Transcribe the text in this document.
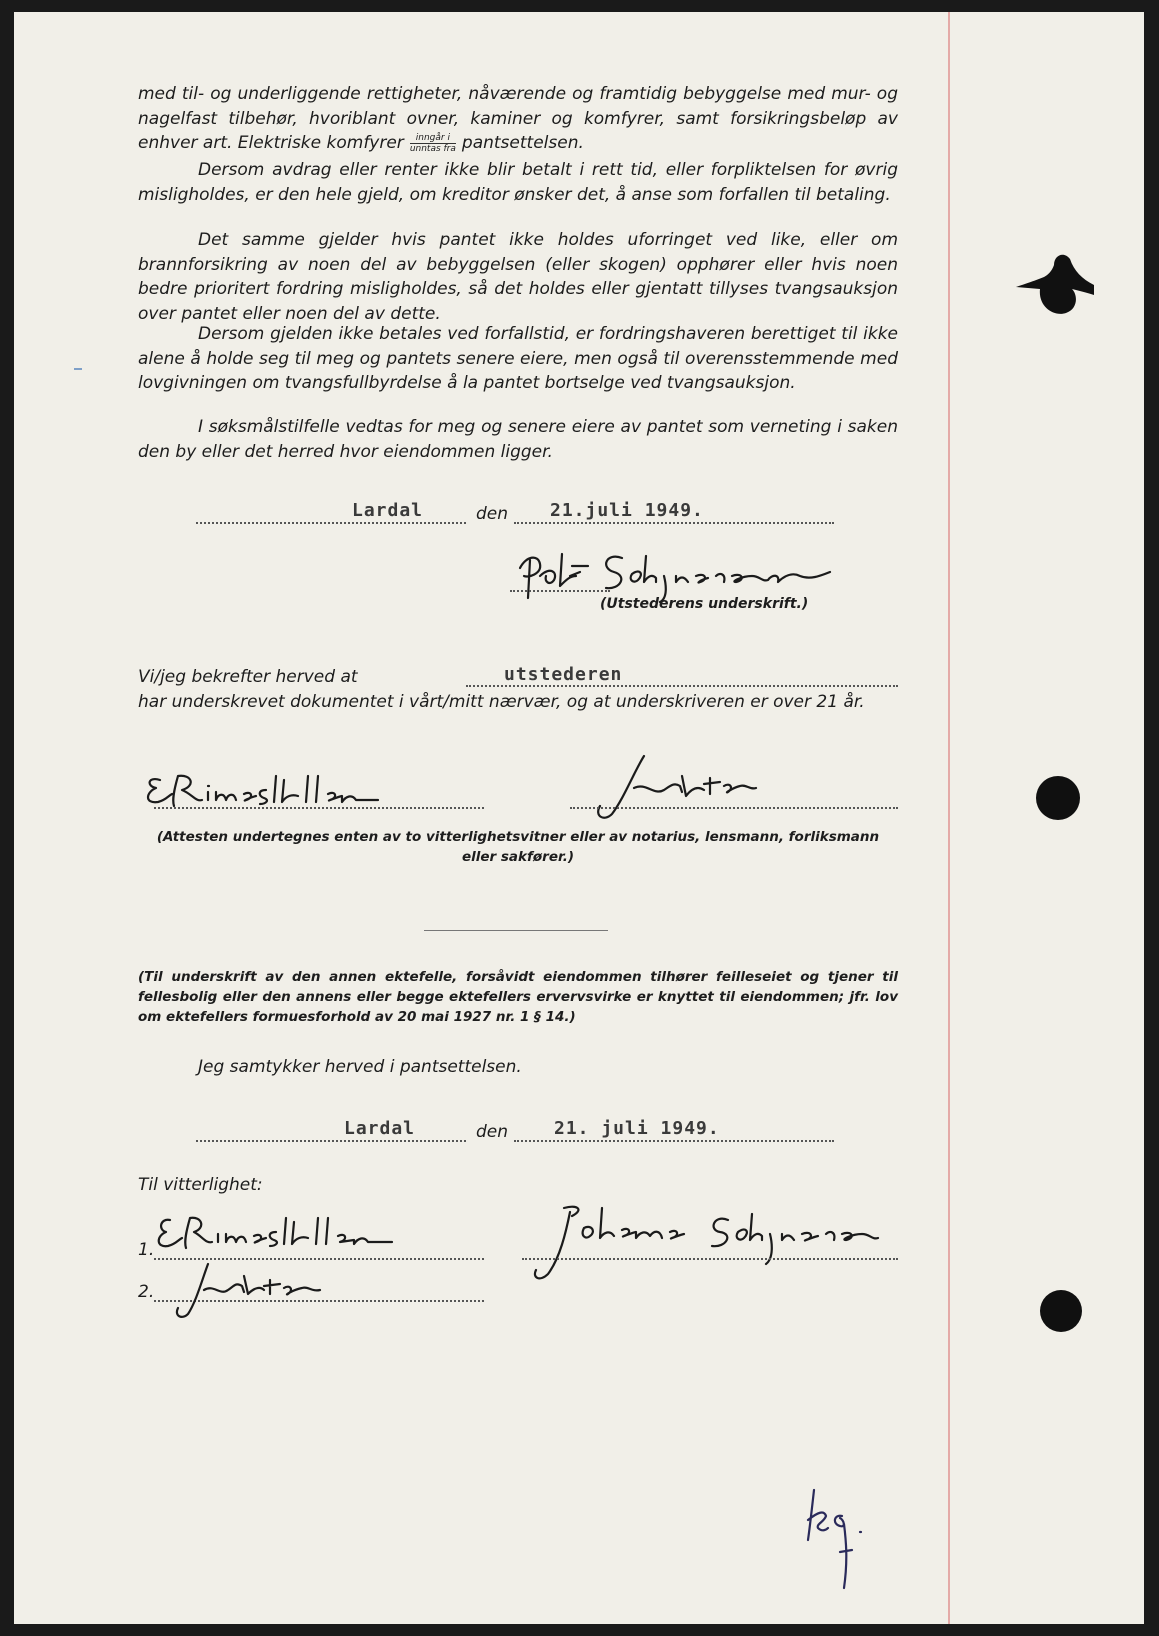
med til- og underliggende rettigheter, nåværende og framtidig bebyggelse med mur- og nagelfast tilbehør, hvoriblant ovner, kaminer og komfyrer, samt forsikringsbeløp av enhver art. Elektriske komfyrer $\frac{\text{inngår i}}{\text{unntas fra}}$ pantsettelsen.

Dersom avdrag eller renter ikke blir betalt i rett tid, eller forpliktelsen for øvrig misligholdes, er den hele gjeld, om kreditor ønsker det, å anse som forfallen til betaling.

Det samme gjelder hvis pantet ikke holdes uforringet ved like, eller om brannforsikring av noen del av bebyggelsen (eller skogen) opphører eller hvis noen bedre prioritert fordring misligholdes, så det holdes eller gjentatt tillyses tvangsauksjon over pantet eller noen del av dette.

Dersom gjelden ikke betales ved forfallstid, er fordringshaveren berettiget til ikke alene å holde seg til meg og pantets senere eiere, men også til overensstemmende med lovgivningen om tvangsfullbyrdelse å la pantet bortselge ved tvangsauksjon.

I søksmålstilfelle vedtas for meg og senere eiere av pantet som verneting i saken den by eller det herred hvor eiendommen ligger.

Lardal	den 21.juli 1949.
(Utstederens underskrift.)
Vi/jeg bekrefter herved at	utstederen

har underskrevet dokumentet i vårt/mitt nærvær, og at underskriveren er over 21 år.

(Attesten undertegnes enten av to vitterlighetsvitner eller av notarius, lensmann, forliksmann eller sakfører.)

(Til underskrift av den annen ektefelle, forsåvidt eiendommen tilhører feilleseiet og tjener til fellesbolig eller den annens eller begge ektefellers ervervsvirke er knyttet til eiendommen; jfr. lov om ektefellers formuesforhold av 20 mai 1927 nr. 1 § 14.)

Jeg samtykker herved i pantsettelsen.
Lardal	den	21. juli 1949.
Til vitterlighet:
1.
2.
